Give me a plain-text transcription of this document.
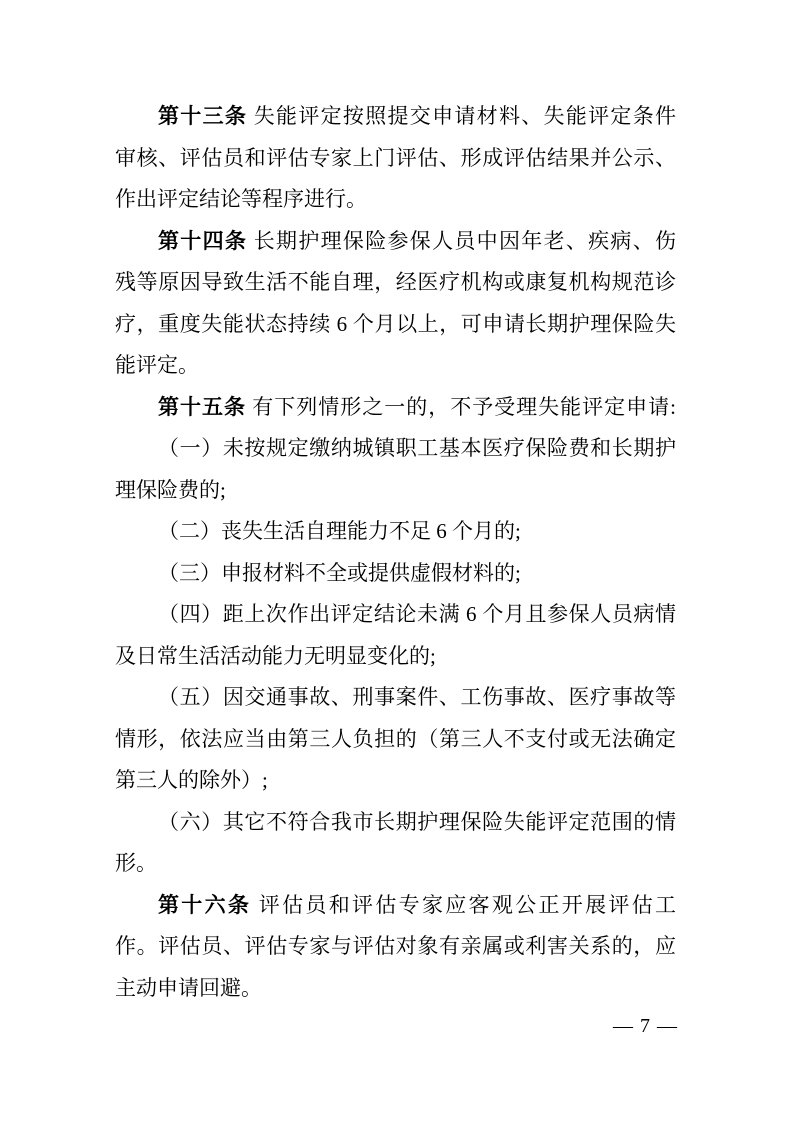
第十三条 失能评定按照提交申请材料、失能评定条件
审核、评估员和评估专家上门评估、形成评估结果并公示、
作出评定结论等程序进行。
第十四条 长期护理保险参保人员中因年老、疾病、伤
残等原因导致生活不能自理，经医疗机构或康复机构规范诊
疗，重度失能状态持续 6 个月以上，可申请长期护理保险失
能评定。
第十五条 有下列情形之一的，不予受理失能评定申请:
（一）未按规定缴纳城镇职工基本医疗保险费和长期护
理保险费的;
（二）丧失生活自理能力不足 6 个月的;
（三）申报材料不全或提供虚假材料的;
（四）距上次作出评定结论未满 6 个月且参保人员病情
及日常生活活动能力无明显变化的;
（五）因交通事故、刑事案件、工伤事故、医疗事故等
情形，依法应当由第三人负担的（第三人不支付或无法确定
第三人的除外）;
（六）其它不符合我市长期护理保险失能评定范围的情
形。
第十六条 评估员和评估专家应客观公正开展评估工
作。评估员、评估专家与评估对象有亲属或利害关系的，应
主动申请回避。
— 7 —
